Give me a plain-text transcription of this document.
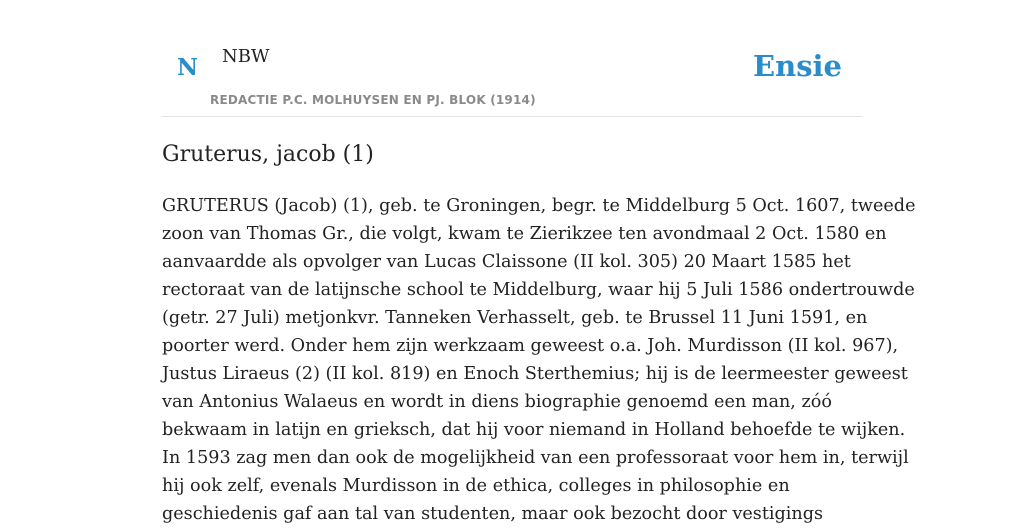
N NBW
REDACTIE P.C. MOLHUYSEN EN PJ. BLOK (1914)
Ensie
Gruterus, jacob (1)
GRUTERUS (Jacob) (1), geb. te Groningen, begr. te Middelburg 5 Oct. 1607, tweede
zoon van Thomas Gr., die volgt, kwam te Zierikzee ten avondmaal 2 Oct. 1580 en
aanvaardde als opvolger van Lucas Claissone (II kol. 305) 20 Maart 1585 het
rectoraat van de latijnsche school te Middelburg, waar hij 5 Juli 1586 ondertrouwde
(getr. 27 Juli) metjonkvr. Tanneken Verhasselt, geb. te Brussel 11 Juni 1591, en
poorter werd. Onder hem zijn werkzaam geweest o.a. Joh. Murdisson (II kol. 967),
Justus Liraeus (2) (II kol. 819) en Enoch Sterthemius; hij is de leermeester geweest
van Antonius Walaeus en wordt in diens biographie genoemd een man, zóó
bekwaam in latijn en grieksch, dat hij voor niemand in Holland behoefde te wijken.
In 1593 zag men dan ook de mogelijkheid van een professoraat voor hem in, terwijl
hij ook zelf, evenals Murdisson in de ethica, colleges in philosophie en
geschiedenis gaf aan tal van studenten, maar ook bezocht door vestigings
